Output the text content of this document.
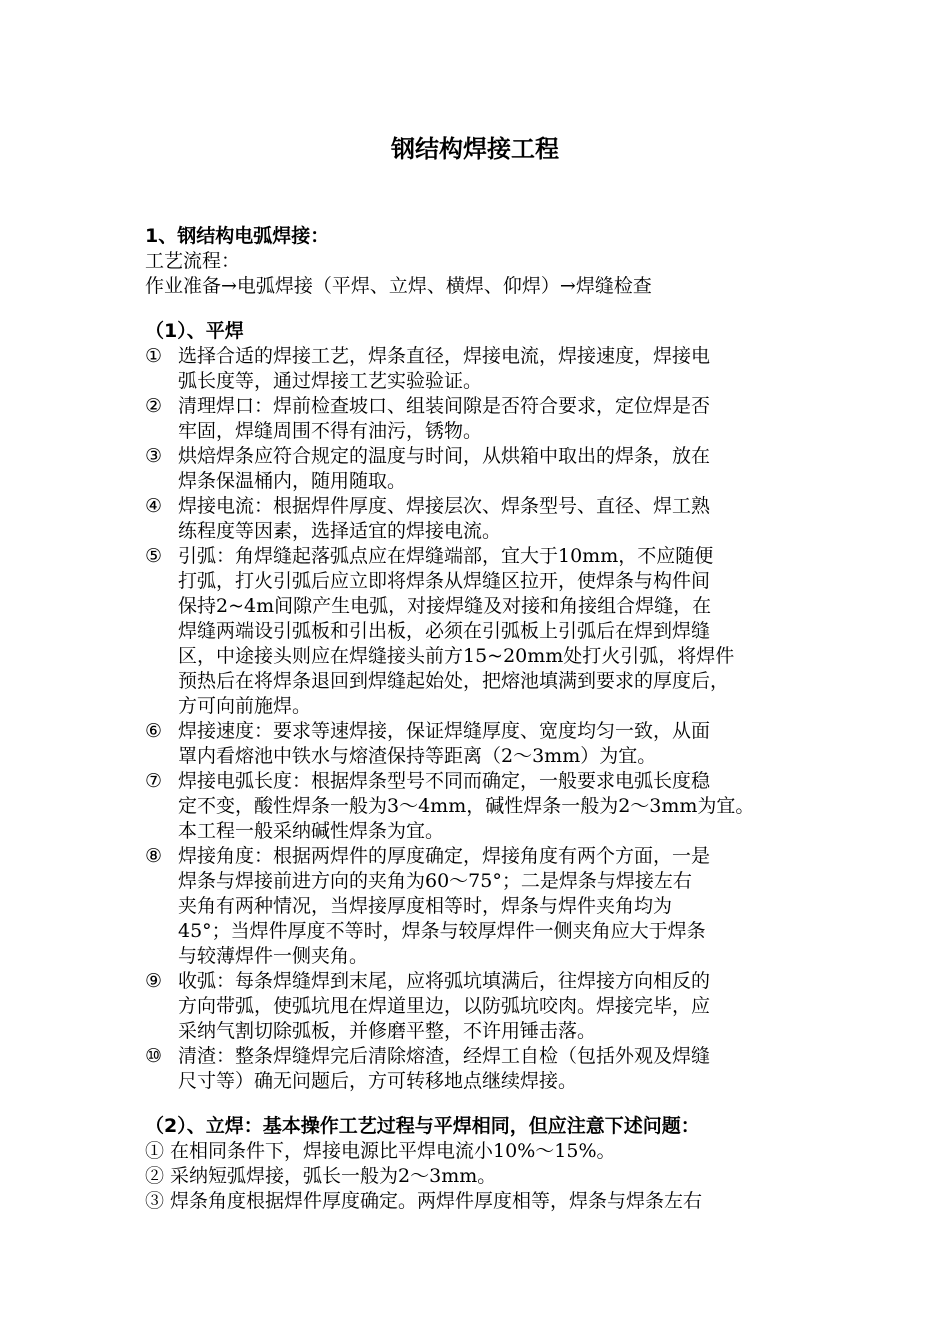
钢结构焊接工程
1、钢结构电弧焊接：
工艺流程：
作业准备→电弧焊接（平焊、立焊、横焊、仰焊）→焊缝检查
（1）、平焊
① 选择合适的焊接工艺，焊条直径，焊接电流，焊接速度，焊接电
弧长度等，通过焊接工艺实验验证。
② 清理焊口：焊前检查坡口、组装间隙是否符合要求，定位焊是否
牢固，焊缝周围不得有油污，锈物。
③ 烘焙焊条应符合规定的温度与时间，从烘箱中取出的焊条，放在
焊条保温桶内，随用随取。
④ 焊接电流：根据焊件厚度、焊接层次、焊条型号、直径、焊工熟
练程度等因素，选择适宜的焊接电流。
⑤ 引弧：角焊缝起落弧点应在焊缝端部，宜大于10mm，不应随便
打弧，打火引弧后应立即将焊条从焊缝区拉开，使焊条与构件间
保持2~4m间隙产生电弧，对接焊缝及对接和角接组合焊缝，在
焊缝两端设引弧板和引出板，必须在引弧板上引弧后在焊到焊缝
区，中途接头则应在焊缝接头前方15~20mm处打火引弧，将焊件
预热后在将焊条退回到焊缝起始处，把熔池填满到要求的厚度后，
方可向前施焊。
⑥ 焊接速度：要求等速焊接，保证焊缝厚度、宽度均匀一致，从面
罩内看熔池中铁水与熔渣保持等距离（2～3mm）为宜。
⑦ 焊接电弧长度：根据焊条型号不同而确定，一般要求电弧长度稳
定不变，酸性焊条一般为3～4mm，碱性焊条一般为2～3mm为宜。
本工程一般采纳碱性焊条为宜。
⑧ 焊接角度：根据两焊件的厚度确定，焊接角度有两个方面，一是
焊条与焊接前进方向的夹角为60～75°；二是焊条与焊接左右
夹角有两种情况，当焊接厚度相等时，焊条与焊件夹角均为
45°；当焊件厚度不等时，焊条与较厚焊件一侧夹角应大于焊条
与较薄焊件一侧夹角。
⑨ 收弧：每条焊缝焊到末尾，应将弧坑填满后，往焊接方向相反的
方向带弧，使弧坑甩在焊道里边，以防弧坑咬肉。焊接完毕，应
采纳气割切除弧板，并修磨平整，不许用锤击落。
⑩ 清渣：整条焊缝焊完后清除熔渣，经焊工自检（包括外观及焊缝
尺寸等）确无问题后，方可转移地点继续焊接。
（2）、立焊：基本操作工艺过程与平焊相同，但应注意下述问题：
① 在相同条件下，焊接电源比平焊电流小10%～15%。
② 采纳短弧焊接，弧长一般为2～3mm。
③ 焊条角度根据焊件厚度确定。两焊件厚度相等，焊条与焊条左右
